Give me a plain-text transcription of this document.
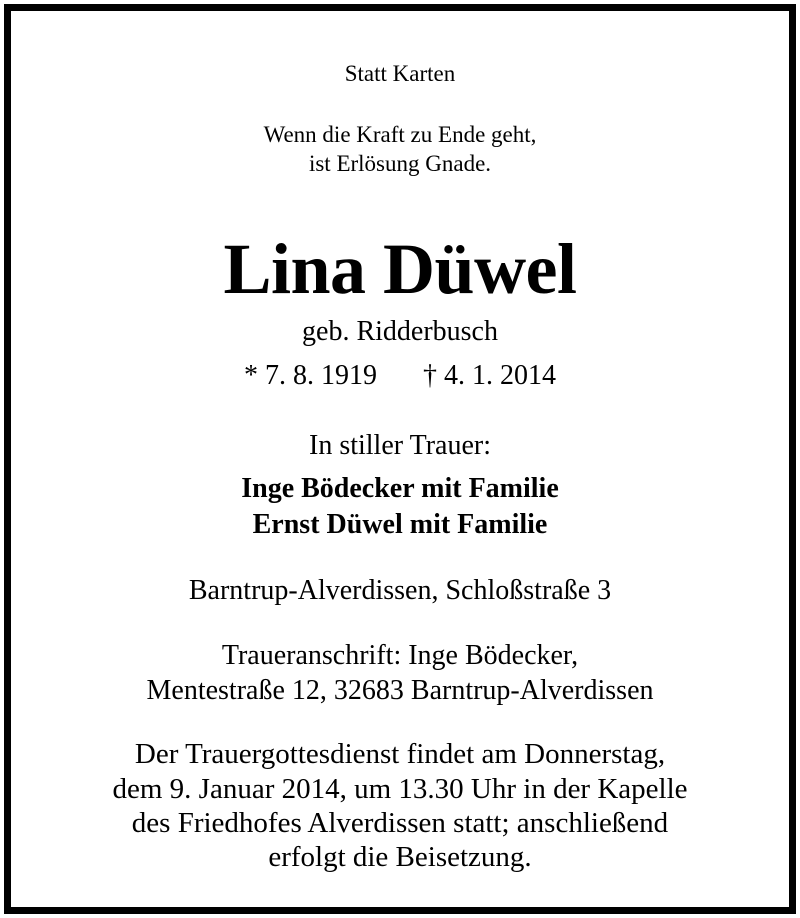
Statt Karten
Wenn die Kraft zu Ende geht,
ist Erlösung Gnade.
Lina Düwel
geb. Ridderbusch
* 7. 8. 1919 † 4. 1. 2014
In stiller Trauer:
Inge Bödecker mit Familie
Ernst Düwel mit Familie
Barntrup-Alverdissen, Schloßstraße 3
Traueranschrift: Inge Bödecker,
Mentestraße 12, 32683 Barntrup-Alverdissen
Der Trauergottesdienst findet am Donnerstag,
dem 9. Januar 2014, um 13.30 Uhr in der Kapelle
des Friedhofes Alverdissen statt; anschließend
erfolgt die Beisetzung.
